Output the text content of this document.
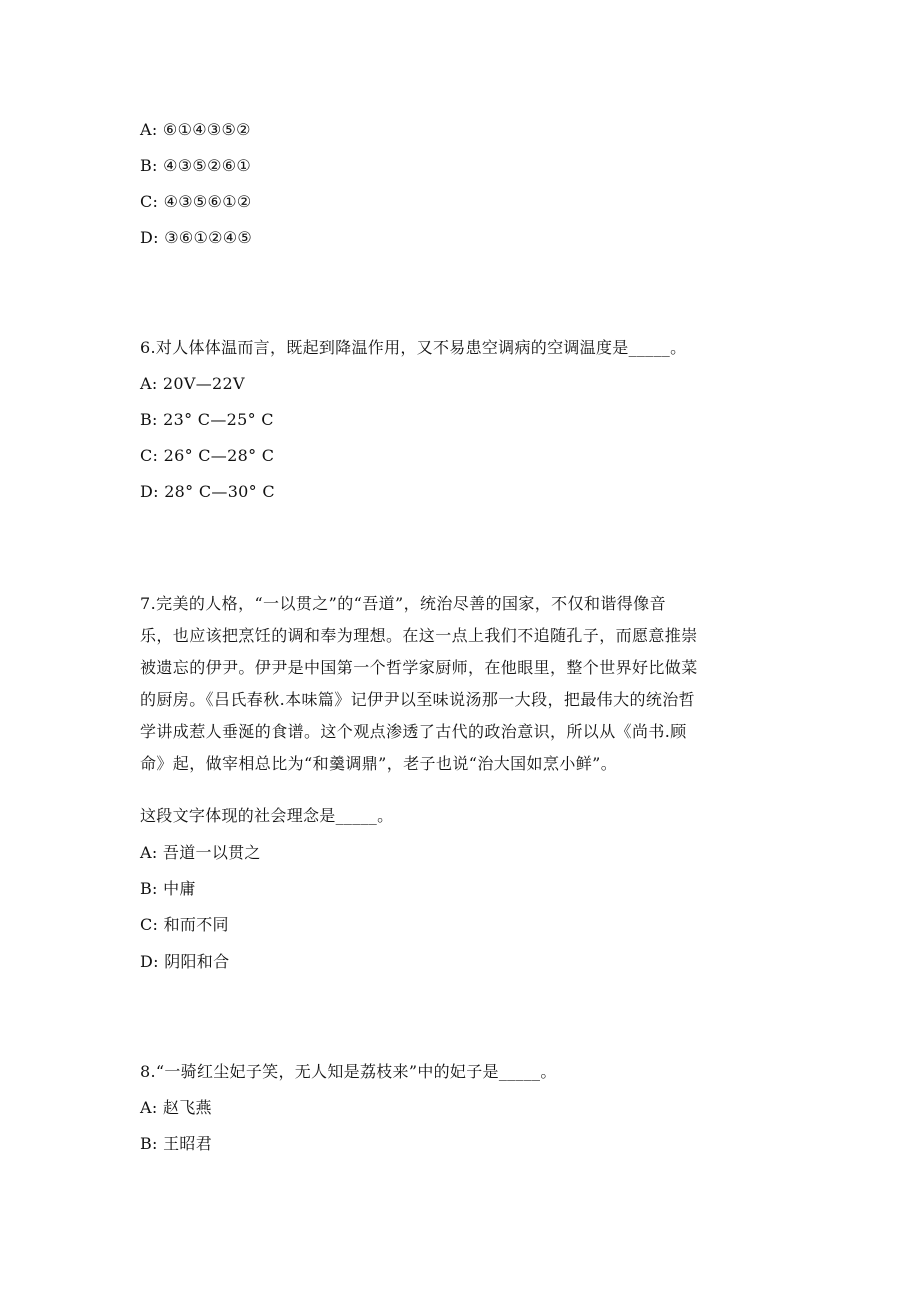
A: ⑥①④③⑤②
B: ④③⑤②⑥①
C: ④③⑤⑥①②
D: ③⑥①②④⑤
6.对人体体温而言，既起到降温作用，又不易患空调病的空调温度是_____。
A: 20V—22V
B: 23° C—25° C
C: 26° C—28° C
D: 28° C—30° C
7.完美的人格，“一以贯之”的“吾道”，统治尽善的国家，不仅和谐得像音
乐，也应该把烹饪的调和奉为理想。在这一点上我们不追随孔子，而愿意推崇
被遗忘的伊尹。伊尹是中国第一个哲学家厨师，在他眼里，整个世界好比做菜
的厨房。《吕氏春秋.本味篇》记伊尹以至味说汤那一大段，把最伟大的统治哲
学讲成惹人垂涎的食谱。这个观点渗透了古代的政治意识，所以从《尚书.顾
命》起，做宰相总比为“和羹调鼎”，老子也说“治大国如烹小鲜”。
这段文字体现的社会理念是_____。
A: 吾道一以贯之
B: 中庸
C: 和而不同
D: 阴阳和合
8.“一骑红尘妃子笑，无人知是荔枝来”中的妃子是_____。
A: 赵飞燕
B: 王昭君
